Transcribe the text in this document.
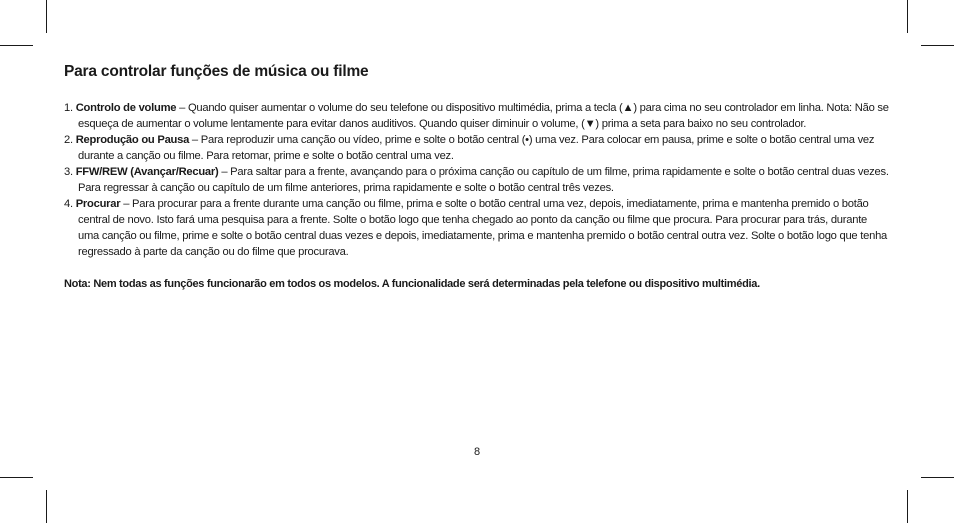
Para controlar funções de música ou filme
1. Controlo de volume – Quando quiser aumentar o volume do seu telefone ou dispositivo multimédia, prima a tecla (▲) para cima no seu controlador em linha. Nota: Não se esqueça de aumentar o volume lentamente para evitar danos auditivos. Quando quiser diminuir o volume, (▼) prima a seta para baixo no seu controlador.
2. Reprodução ou Pausa – Para reproduzir uma canção ou vídeo, prime e solte o botão central (•) uma vez. Para colocar em pausa, prime e solte o botão central uma vez durante a canção ou filme. Para retomar, prime e solte o botão central uma vez.
3. FFW/REW (Avançar/Recuar) – Para saltar para a frente, avançando para o próxima canção ou capítulo de um filme, prima rapidamente e solte o botão central duas vezes. Para regressar à canção ou capítulo de um filme anteriores, prima rapidamente e solte o botão central três vezes.
4. Procurar – Para procurar para a frente durante uma canção ou filme, prima e solte o botão central uma vez, depois, imediatamente, prima e mantenha premido o botão central de novo. Isto fará uma pesquisa para a frente. Solte o botão logo que tenha chegado ao ponto da canção ou filme que procura. Para procurar para trás, durante uma canção ou filme, prime e solte o botão central duas vezes e depois, imediatamente, prima e mantenha premido o botão central outra vez. Solte o botão logo que tenha regressado à parte da canção ou do filme que procurava.
Nota: Nem todas as funções funcionarão em todos os modelos. A funcionalidade será determinadas pela telefone ou dispositivo multimédia.
8
